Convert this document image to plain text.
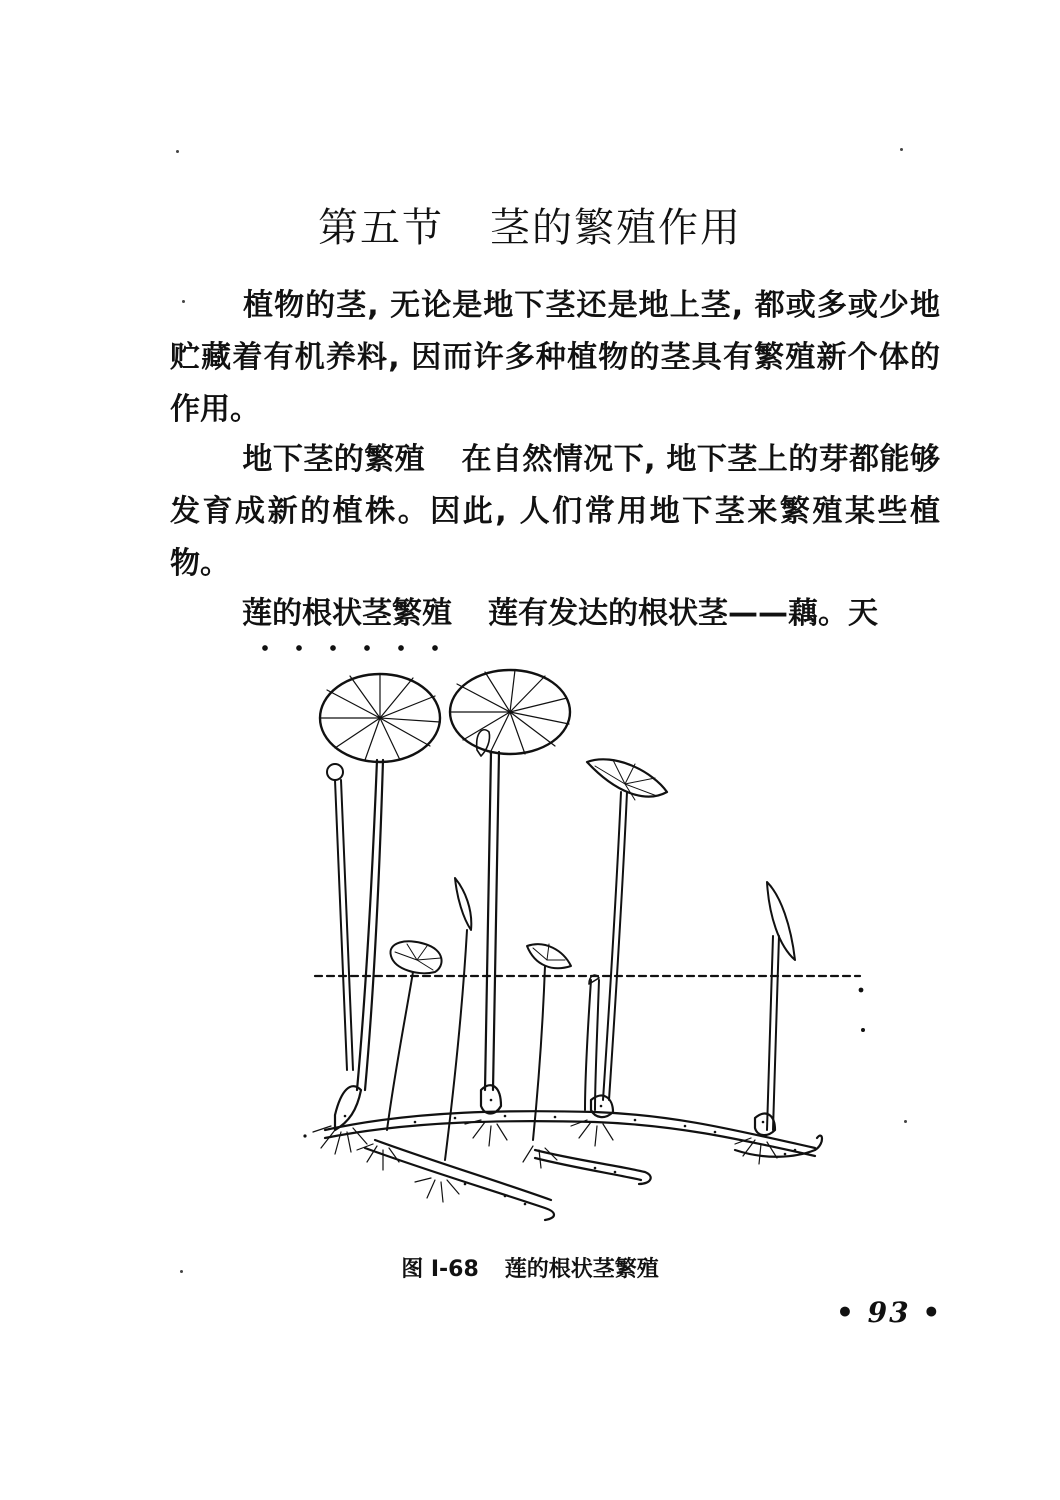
第五节 茎的繁殖作用

植物的茎, 无论是地下茎还是地上茎, 都或多或少地贮藏着有机养料, 因而许多种植物的茎具有繁殖新个体的作用。

地下茎的繁殖 在自然情况下, 地下茎上的芽都能够发育成新的植株。因此, 人们常用地下茎来繁殖某些植物。

莲的根状茎繁殖 莲有发达的根状茎——藕。天

图 I-68 莲的根状茎繁殖

• 93 •
